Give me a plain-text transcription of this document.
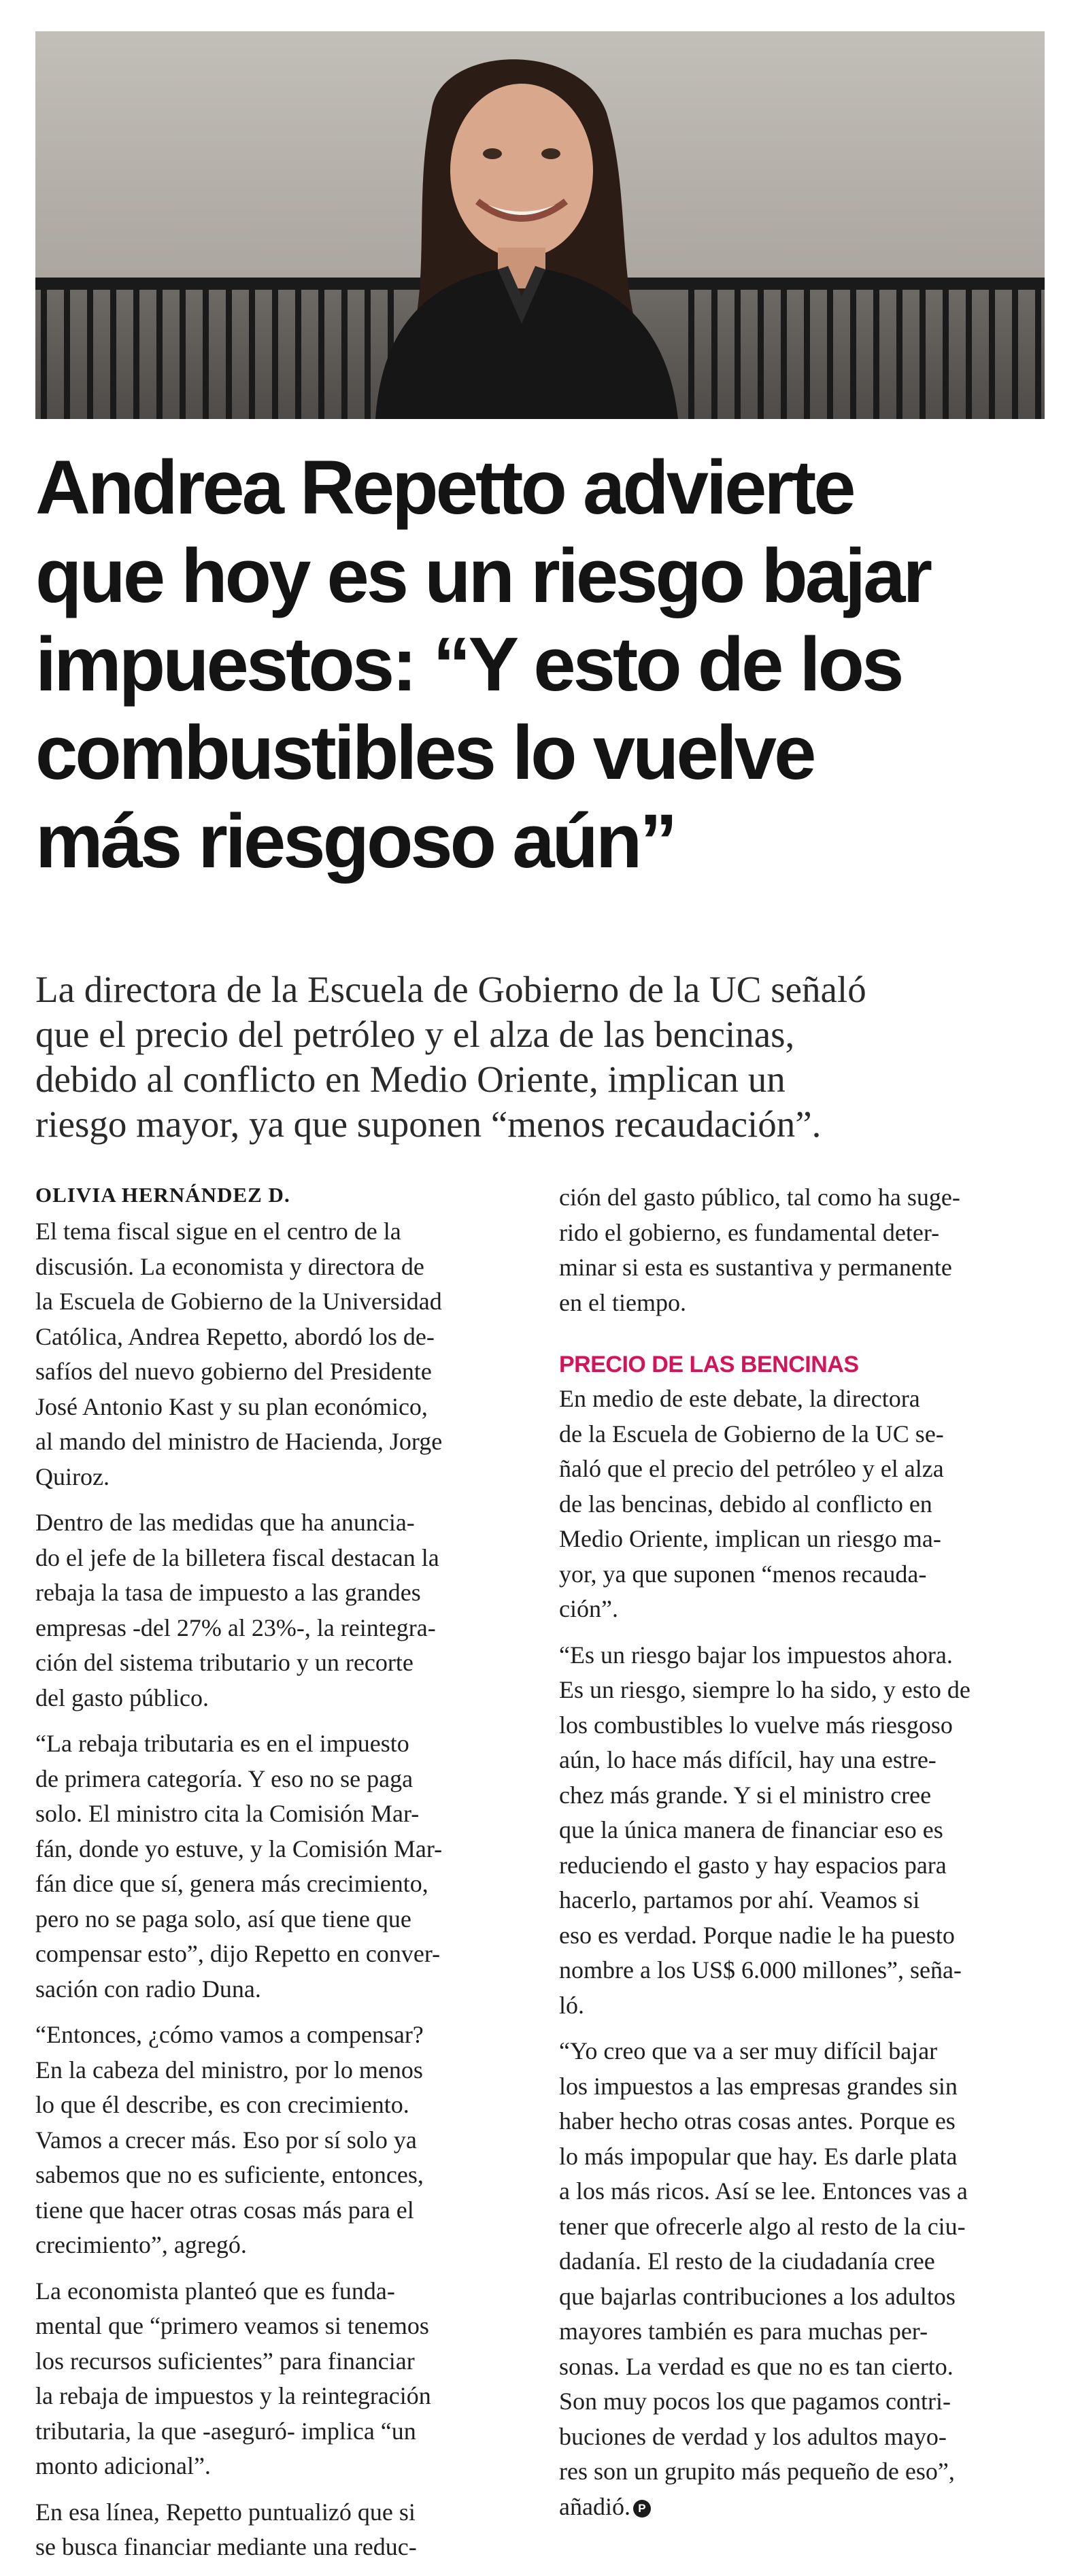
Andrea Repetto advierte
que hoy es un riesgo bajar
impuestos: “Y esto de los
combustibles lo vuelve
más riesgoso aún”

La directora de la Escuela de Gobierno de la UC señaló
que el precio del petróleo y el alza de las bencinas,
debido al conflicto en Medio Oriente, implican un
riesgo mayor, ya que suponen “menos recaudación”.

OLIVIA HERNÁNDEZ D.
El tema fiscal sigue en el centro de la
discusión. La economista y directora de
la Escuela de Gobierno de la Universidad
Católica, Andrea Repetto, abordó los de-
safíos del nuevo gobierno del Presidente
José Antonio Kast y su plan económico,
al mando del ministro de Hacienda, Jorge
Quiroz.
Dentro de las medidas que ha anuncia-
do el jefe de la billetera fiscal destacan la
rebaja la tasa de impuesto a las grandes
empresas -del 27% al 23%-, la reintegra-
ción del sistema tributario y un recorte
del gasto público.
“La rebaja tributaria es en el impuesto
de primera categoría. Y eso no se paga
solo. El ministro cita la Comisión Mar-
fán, donde yo estuve, y la Comisión Mar-
fán dice que sí, genera más crecimiento,
pero no se paga solo, así que tiene que
compensar esto”, dijo Repetto en conver-
sación con radio Duna.
“Entonces, ¿cómo vamos a compensar?
En la cabeza del ministro, por lo menos
lo que él describe, es con crecimiento.
Vamos a crecer más. Eso por sí solo ya
sabemos que no es suficiente, entonces,
tiene que hacer otras cosas más para el
crecimiento”, agregó.
La economista planteó que es funda-
mental que “primero veamos si tenemos
los recursos suficientes” para financiar
la rebaja de impuestos y la reintegración
tributaria, la que -aseguró- implica “un
monto adicional”.
En esa línea, Repetto puntualizó que si
se busca financiar mediante una reduc-
ción del gasto público, tal como ha suge-
rido el gobierno, es fundamental deter-
minar si esta es sustantiva y permanente
en el tiempo.
PRECIO DE LAS BENCINAS
En medio de este debate, la directora
de la Escuela de Gobierno de la UC se-
ñaló que el precio del petróleo y el alza
de las bencinas, debido al conflicto en
Medio Oriente, implican un riesgo ma-
yor, ya que suponen “menos recauda-
ción”.
“Es un riesgo bajar los impuestos ahora.
Es un riesgo, siempre lo ha sido, y esto de
los combustibles lo vuelve más riesgoso
aún, lo hace más difícil, hay una estre-
chez más grande. Y si el ministro cree
que la única manera de financiar eso es
reduciendo el gasto y hay espacios para
hacerlo, partamos por ahí. Veamos si
eso es verdad. Porque nadie le ha puesto
nombre a los US$ 6.000 millones”, seña-
ló.
“Yo creo que va a ser muy difícil bajar
los impuestos a las empresas grandes sin
haber hecho otras cosas antes. Porque es
lo más impopular que hay. Es darle plata
a los más ricos. Así se lee. Entonces vas a
tener que ofrecerle algo al resto de la ciu-
dadanía. El resto de la ciudadanía cree
que bajarlas contribuciones a los adultos
mayores también es para muchas per-
sonas. La verdad es que no es tan cierto.
Son muy pocos los que pagamos contri-
buciones de verdad y los adultos mayo-
res son un grupito más pequeño de eso”,
añadió. P
